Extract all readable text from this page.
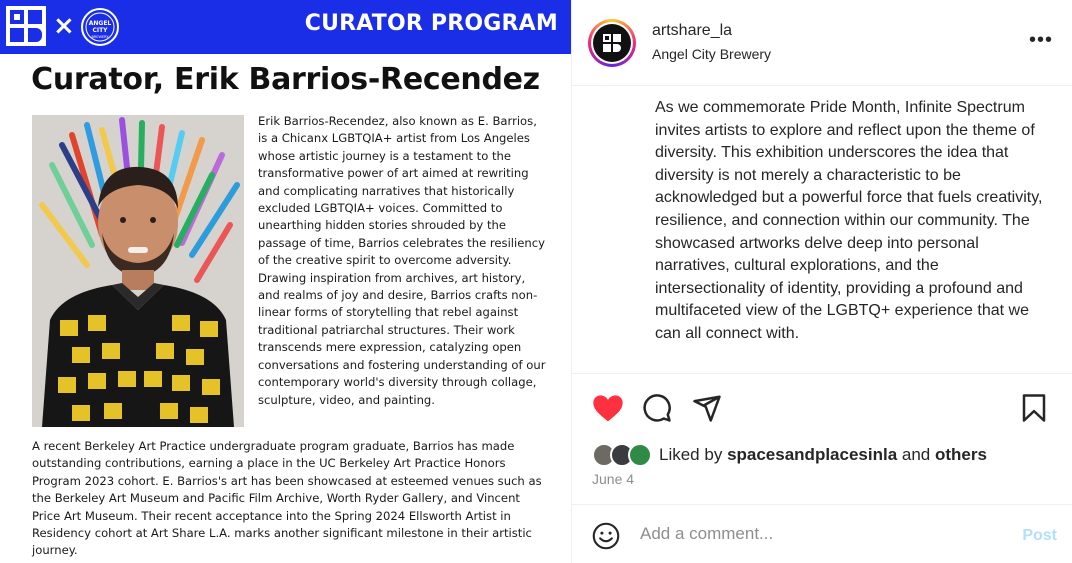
× ANGEL
CITY
BREWERY
CURATOR PROGRAM
Curator, Erik Barrios-Recendez
Erik Barrios-Recendez, also known as E. Barrios, is a Chicanx LGBTQIA+ artist from Los Angeles whose artistic journey is a testament to the transformative power of art aimed at rewriting and complicating narratives that historically excluded LGBTQIA+ voices. Committed to unearthing hidden stories shrouded by the passage of time, Barrios celebrates the resiliency of the creative spirit to overcome adversity. Drawing inspiration from archives, art history, and realms of joy and desire, Barrios crafts non-linear forms of storytelling that rebel against traditional patriarchal structures. Their work transcends mere expression, catalyzing open conversations and fostering understanding of our contemporary world's diversity through collage, sculpture, video, and painting.
A recent Berkeley Art Practice undergraduate program graduate, Barrios has made outstanding contributions, earning a place in the UC Berkeley Art Practice Honors Program 2023 cohort. E. Barrios's art has been showcased at esteemed venues such as the Berkeley Art Museum and Pacific Film Archive, Worth Ryder Gallery, and Vincent Price Art Museum. Their recent acceptance into the Spring 2024 Ellsworth Artist in Residency cohort at Art Share L.A. marks another significant milestone in their artistic journey.
artshare_la
Angel City Brewery
•••
As we commemorate Pride Month, Infinite Spectrum invites artists to explore and reflect upon the theme of diversity. This exhibition underscores the idea that diversity is not merely a characteristic to be acknowledged but a powerful force that fuels creativity, resilience, and connection within our community. The showcased artworks delve deep into personal narratives, cultural explorations, and the intersectionality of identity, providing a profound and multifaceted view of the LGBTQ+ experience that we can all connect with.
Liked by spacesandplacesinla and others
June 4
Add a comment...
Post
